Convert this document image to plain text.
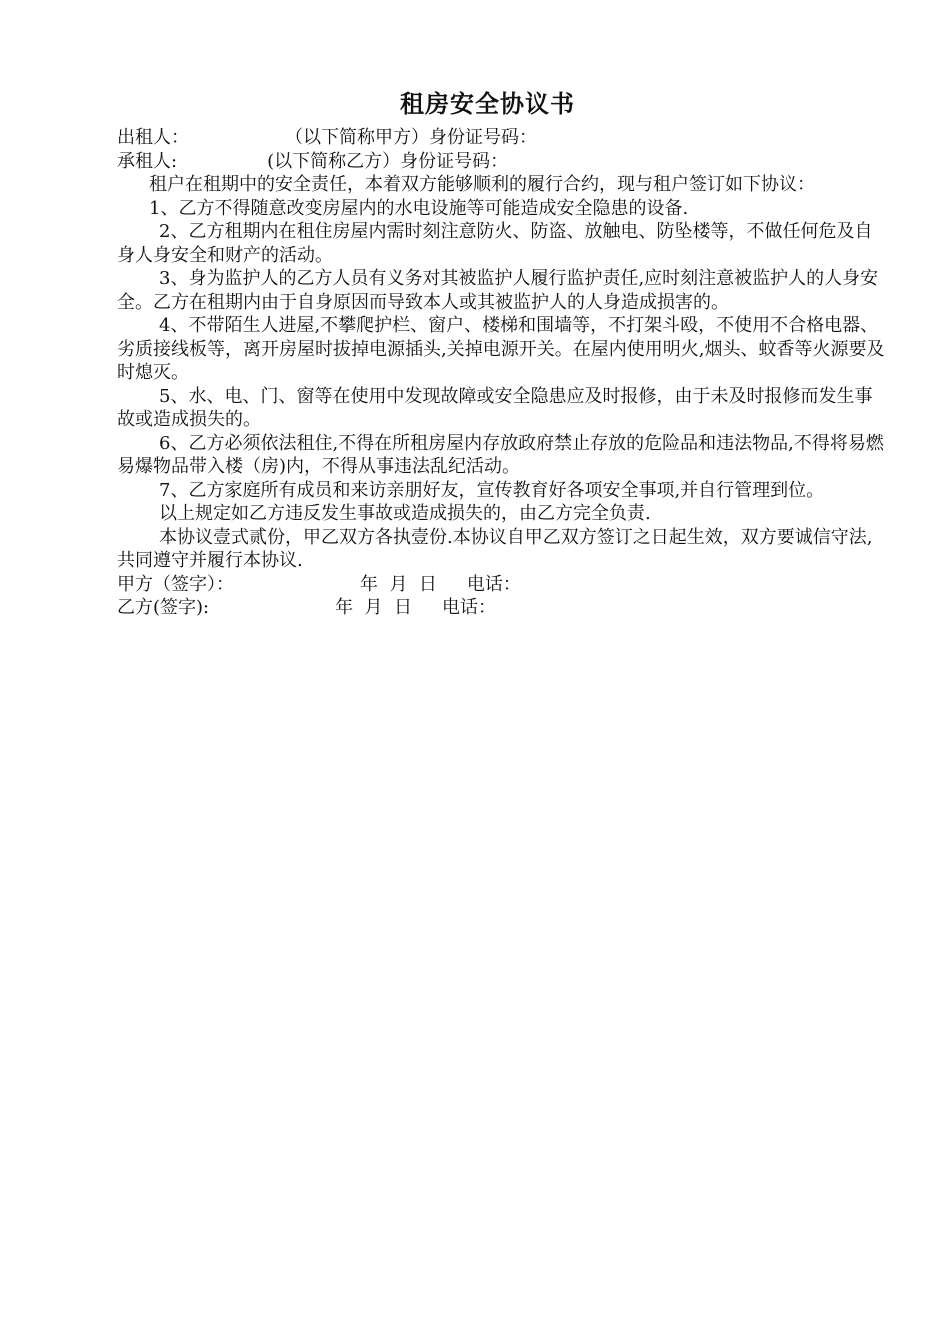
租房安全协议书
出租人：	（以下简称甲方）身份证号码：
承租人:	(以下简称乙方）身份证号码：
租户在租期中的安全责任，本着双方能够顺利的履行合约，现与租户签订如下协议：
1、乙方不得随意改变房屋内的水电设施等可能造成安全隐患的设备.
2、乙方租期内在租住房屋内需时刻注意防火、防盗、放触电、防坠楼等，不做任何危及自身人身安全和财产的活动。
3、身为监护人的乙方人员有义务对其被监护人履行监护责任,应时刻注意被监护人的人身安全。乙方在租期内由于自身原因而导致本人或其被监护人的人身造成损害的。
4、不带陌生人进屋,不攀爬护栏、窗户、楼梯和围墙等，不打架斗殴，不使用不合格电器、劣质接线板等，离开房屋时拔掉电源插头,关掉电源开关。在屋内使用明火,烟头、蚊香等火源要及时熄灭。
5、水、电、门、窗等在使用中发现故障或安全隐患应及时报修，由于未及时报修而发生事故或造成损失的。
6、乙方必须依法租住,不得在所租房屋内存放政府禁止存放的危险品和违法物品,不得将易燃易爆物品带入楼（房)内，不得从事违法乱纪活动。
7、乙方家庭所有成员和来访亲朋好友，宣传教育好各项安全事项,并自行管理到位。
以上规定如乙方违反发生事故或造成损失的，由乙方完全负责.
本协议壹式贰份，甲乙双方各执壹份.本协议自甲乙双方签订之日起生效，双方要诚信守法,共同遵守并履行本协议.
甲方（签字）：	年  月  日 电话：
乙方(签字):	年  月  日 电话：
